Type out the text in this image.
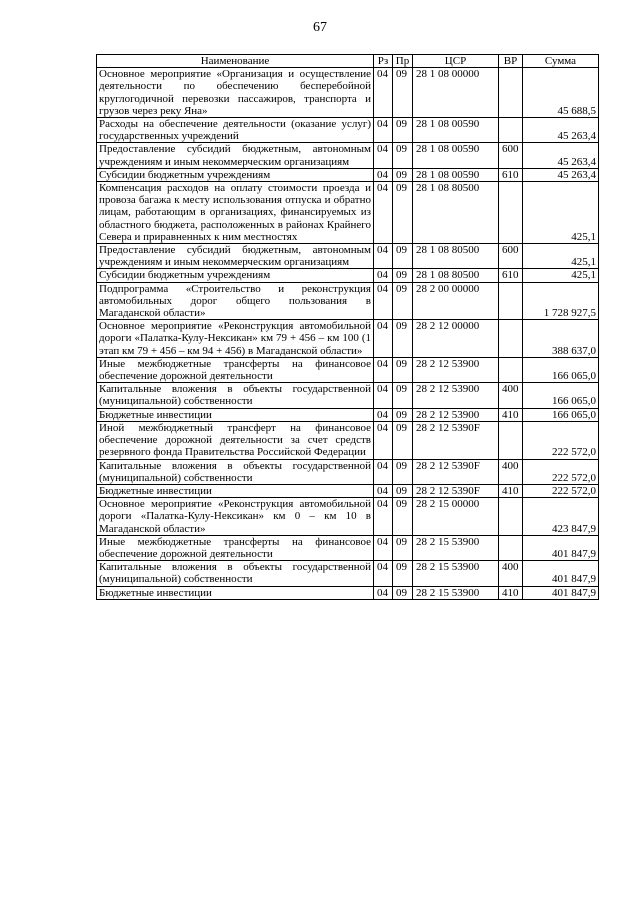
67
Наименование	Рз	Пр	ЦСР	ВР	Сумма
Основное мероприятие «Организация и осуществление деятельности по обеспечению бесперебойной круглогодичной перевозки пассажиров, транспорта и грузов через реку Яна»	04	09	28 1 08 00000		45 688,5
Расходы на обеспечение деятельности (оказание услуг) государственных учреждений	04	09	28 1 08 00590		45 263,4
Предоставление субсидий бюджетным, автономным учреждениям и иным некоммерческим организациям	04	09	28 1 08 00590	600	45 263,4
Субсидии бюджетным учреждениям	04	09	28 1 08 00590	610	45 263,4
Компенсация расходов на оплату стоимости проезда и провоза багажа к месту использования отпуска и обратно лицам, работающим в организациях, финансируемых из областного бюджета, расположенных в районах Крайнего Севера и приравненных к ним местностях	04	09	28 1 08 80500		425,1
Предоставление субсидий бюджетным, автономным учреждениям и иным некоммерческим организациям	04	09	28 1 08 80500	600	425,1
Субсидии бюджетным учреждениям	04	09	28 1 08 80500	610	425,1
Подпрограмма «Строительство и реконструкция автомобильных дорог общего пользования в Магаданской области»	04	09	28 2 00 00000		1 728 927,5
Основное мероприятие «Реконструкция автомобильной дороги «Палатка-Кулу-Нексикан» км 79 + 456 – км 100 (1 этап км 79 + 456 – км 94 + 456) в Магаданской области»	04	09	28 2 12 00000		388 637,0
Иные межбюджетные трансферты на финансовое обеспечение дорожной деятельности	04	09	28 2 12 53900		166 065,0
Капитальные вложения в объекты государственной (муниципальной) собственности	04	09	28 2 12 53900	400	166 065,0
Бюджетные инвестиции	04	09	28 2 12 53900	410	166 065,0
Иной межбюджетный трансферт на финансовое обеспечение дорожной деятельности за счет средств резервного фонда Правительства Российской Федерации	04	09	28 2 12 5390F		222 572,0
Капитальные вложения в объекты государственной (муниципальной) собственности	04	09	28 2 12 5390F	400	222 572,0
Бюджетные инвестиции	04	09	28 2 12 5390F	410	222 572,0
Основное мероприятие «Реконструкция автомобильной дороги «Палатка-Кулу-Нексикан» км 0 – км 10 в Магаданской области»	04	09	28 2 15 00000		423 847,9
Иные межбюджетные трансферты на финансовое обеспечение дорожной деятельности	04	09	28 2 15 53900		401 847,9
Капитальные вложения в объекты государственной (муниципальной) собственности	04	09	28 2 15 53900	400	401 847,9
Бюджетные инвестиции	04	09	28 2 15 53900	410	401 847,9
